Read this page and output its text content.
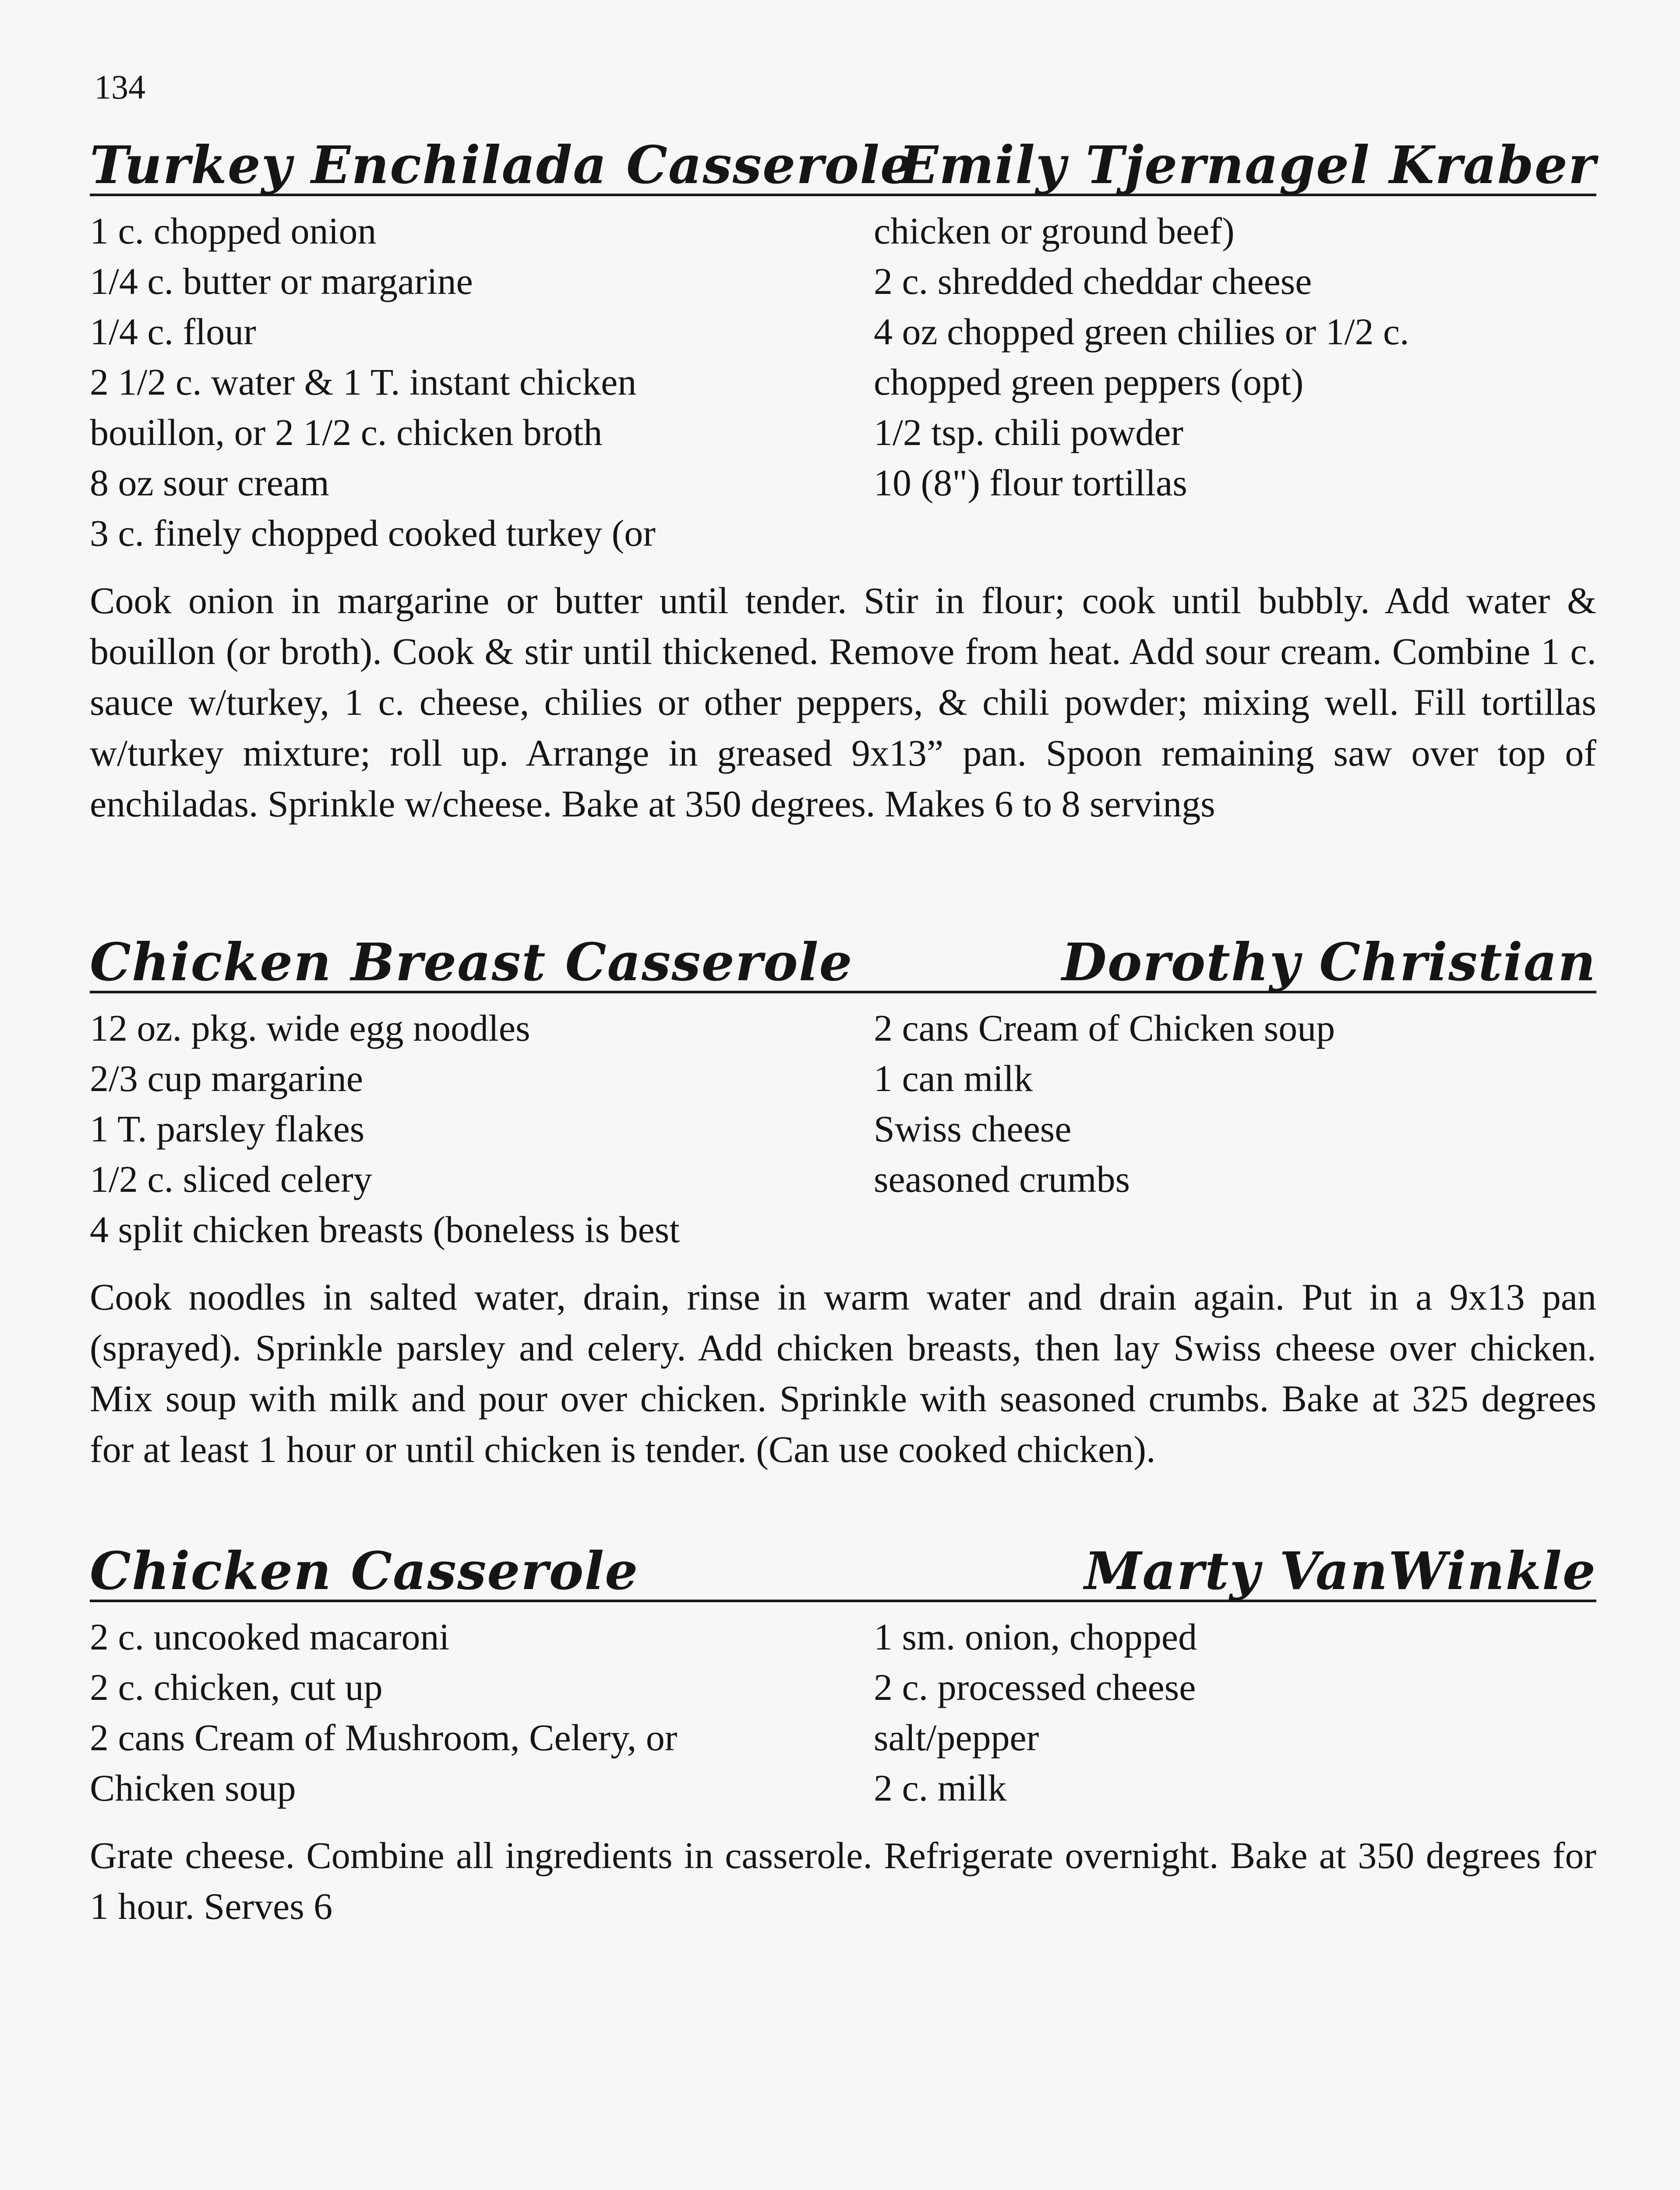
134
Turkey Enchilada Casserole
Emily Tjernagel Kraber
1 c. chopped onion
1/4 c. butter or margarine
1/4 c. flour
2 1/2 c. water & 1 T. instant chicken
bouillon, or 2 1/2 c. chicken broth
8 oz sour cream
3 c. finely chopped cooked turkey (or
chicken or ground beef)
2 c. shredded cheddar cheese
4 oz chopped green chilies or 1/2 c.
chopped green peppers (opt)
1/2 tsp. chili powder
10 (8") flour tortillas

Cook onion in margarine or butter until tender. Stir in flour; cook until bubbly. Add water & bouillon (or broth). Cook & stir until thickened. Remove from heat. Add sour cream. Combine 1 c. sauce w/turkey, 1 c. cheese, chilies or other peppers, & chili powder; mixing well. Fill tortillas w/turkey mixture; roll up. Arrange in greased 9x13” pan. Spoon remaining saw over top of enchiladas. Sprinkle w/cheese. Bake at 350 degrees. Makes 6 to 8 servings

Chicken Breast Casserole	Dorothy Christian
12 oz. pkg. wide egg noodles
2/3 cup margarine
1 T. parsley flakes
1/2 c. sliced celery
4 split chicken breasts (boneless is best
2 cans Cream of Chicken soup
1 can milk
Swiss cheese
seasoned crumbs

Cook noodles in salted water, drain, rinse in warm water and drain again. Put in a 9x13 pan (sprayed). Sprinkle parsley and celery. Add chicken breasts, then lay Swiss cheese over chicken. Mix soup with milk and pour over chicken. Sprinkle with seasoned crumbs. Bake at 325 degrees for at least 1 hour or until chicken is tender. (Can use cooked chicken).

Chicken Casserole	Marty VanWinkle
2 c. uncooked macaroni
2 c. chicken, cut up
2 cans Cream of Mushroom, Celery, or
Chicken soup
1 sm. onion, chopped
2 c. processed cheese
salt/pepper
2 c. milk

Grate cheese. Combine all ingredients in casserole. Refrigerate overnight. Bake at 350 degrees for 1 hour. Serves 6
